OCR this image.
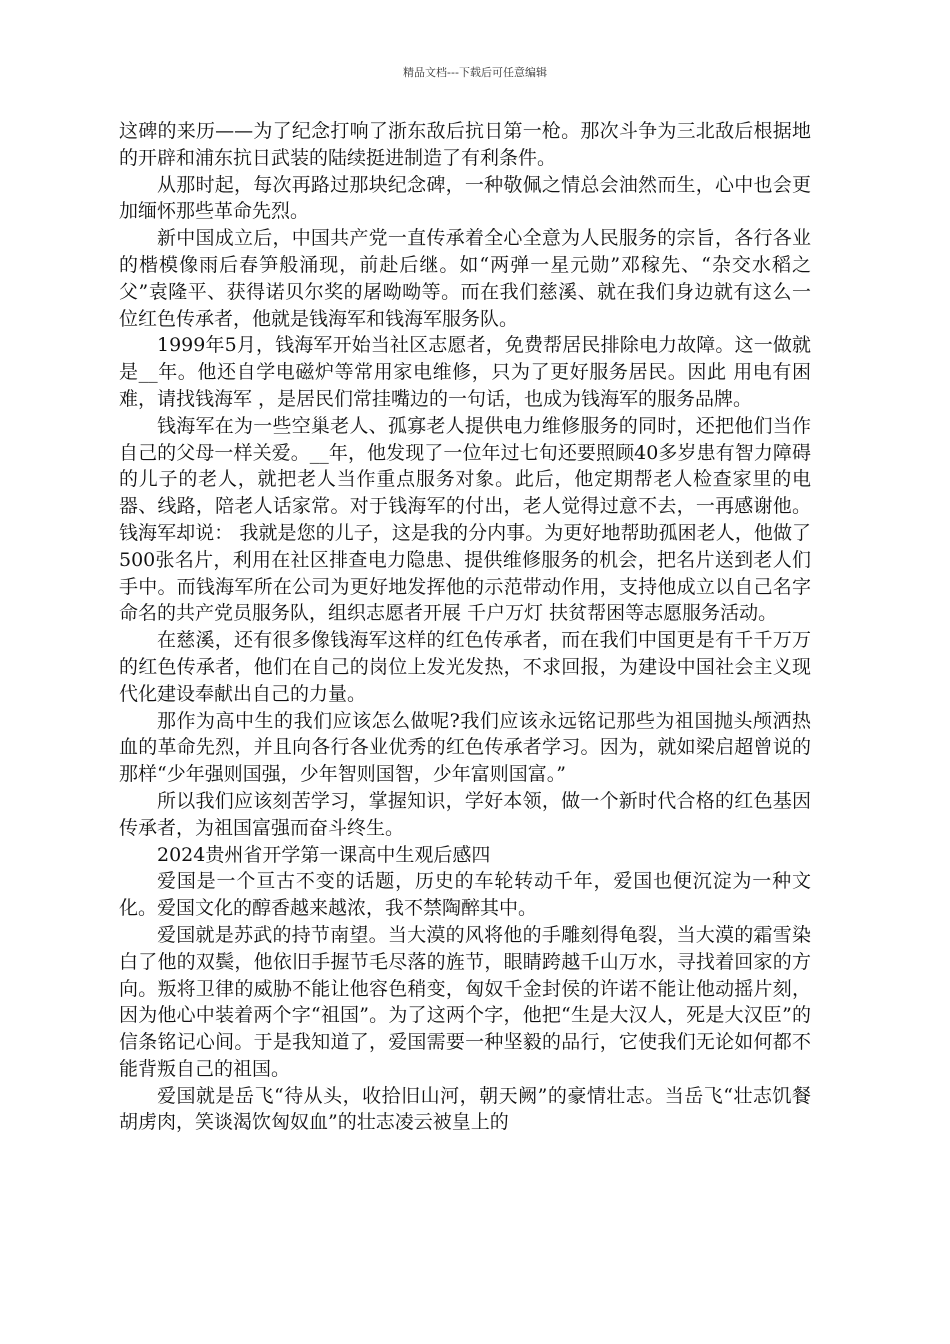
精品文档---下载后可任意编辑

这碑的来历——为了纪念打响了浙东敌后抗日第一枪。那次斗争为三北敌后根据地的开辟和浦东抗日武装的陆续挺进制造了有利条件。

从那时起，每次再路过那块纪念碑，一种敬佩之情总会油然而生，心中也会更加缅怀那些革命先烈。

新中国成立后，中国共产党一直传承着全心全意为人民服务的宗旨，各行各业的楷模像雨后春笋般涌现，前赴后继。如“两弹一星元勋”邓稼先、“杂交水稻之父”袁隆平、获得诺贝尔奖的屠呦呦等。而在我们慈溪、就在我们身边就有这么一位红色传承者，他就是钱海军和钱海军服务队。

1999年5月，钱海军开始当社区志愿者，免费帮居民排除电力故障。这一做就是__年。他还自学电磁炉等常用家电维修，只为了更好服务居民。因此 用电有困难，请找钱海军 ，是居民们常挂嘴边的一句话，也成为钱海军的服务品牌。

钱海军在为一些空巢老人、孤寡老人提供电力维修服务的同时，还把他们当作自己的父母一样关爱。__年，他发现了一位年过七旬还要照顾40多岁患有智力障碍的儿子的老人，就把老人当作重点服务对象。此后，他定期帮老人检查家里的电器、线路，陪老人话家常。对于钱海军的付出，老人觉得过意不去，一再感谢他。钱海军却说： 我就是您的儿子，这是我的分内事。为更好地帮助孤困老人，他做了500张名片，利用在社区排查电力隐患、提供维修服务的机会，把名片送到老人们手中。而钱海军所在公司为更好地发挥他的示范带动作用，支持他成立以自己名字命名的共产党员服务队，组织志愿者开展 千户万灯 扶贫帮困等志愿服务活动。

在慈溪，还有很多像钱海军这样的红色传承者，而在我们中国更是有千千万万的红色传承者，他们在自己的岗位上发光发热，不求回报，为建设中国社会主义现代化建设奉献出自己的力量。

那作为高中生的我们应该怎么做呢?我们应该永远铭记那些为祖国抛头颅洒热血的革命先烈，并且向各行各业优秀的红色传承者学习。因为，就如梁启超曾说的那样“少年强则国强，少年智则国智，少年富则国富。”

所以我们应该刻苦学习，掌握知识，学好本领，做一个新时代合格的红色基因传承者，为祖国富强而奋斗终生。

2024贵州省开学第一课高中生观后感四

爱国是一个亘古不变的话题，历史的车轮转动千年，爱国也便沉淀为一种文化。爱国文化的醇香越来越浓，我不禁陶醉其中。

爱国就是苏武的持节南望。当大漠的风将他的手雕刻得龟裂，当大漠的霜雪染白了他的双鬓，他依旧手握节毛尽落的旌节，眼睛跨越千山万水，寻找着回家的方向。叛将卫律的威胁不能让他容色稍变，匈奴千金封侯的许诺不能让他动摇片刻，因为他心中装着两个字“祖国”。为了这两个字，他把“生是大汉人，死是大汉臣”的信条铭记心间。于是我知道了，爱国需要一种坚毅的品行，它使我们无论如何都不能背叛自己的祖国。

爱国就是岳飞“待从头，收拾旧山河，朝天阙”的豪情壮志。当岳飞“壮志饥餐胡虏肉，笑谈渴饮匈奴血”的壮志凌云被皇上的
